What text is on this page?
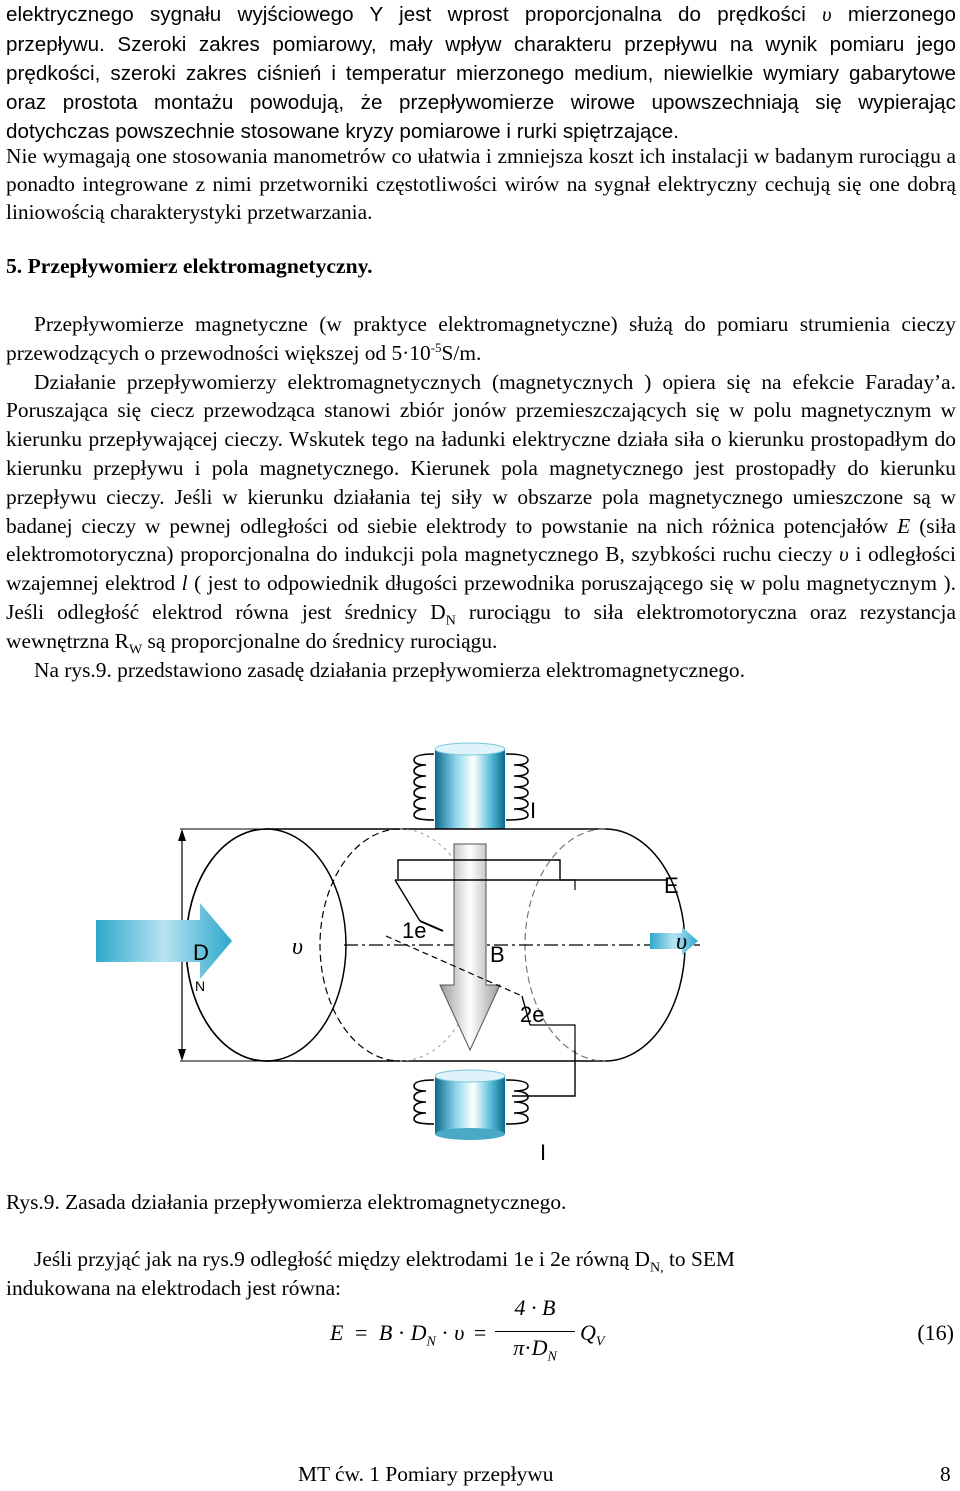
elektrycznego sygnału wyjściowego Y jest wprost proporcjonalna do prędkości υ mierzonego przepływu. Szeroki zakres pomiarowy, mały wpływ charakteru przepływu na wynik pomiaru jego prędkości, szeroki zakres ciśnień i temperatur mierzonego medium, niewielkie wymiary gabarytowe oraz prostota montażu powodują, że przepływomierze wirowe upowszechniają się wypierając dotychczas powszechnie stosowane kryzy pomiarowe i rurki spiętrzające.
Nie wymagają one stosowania manometrów co ułatwia i zmniejsza koszt ich instalacji w badanym rurociągu a ponadto integrowane z nimi przetworniki częstotliwości wirów na sygnał elektryczny cechują się one dobrą liniowością charakterystyki przetwarzania.
5. Przepływomierz elektromagnetyczny.

Przepływomierze magnetyczne (w praktyce elektromagnetyczne) służą do pomiaru strumienia cieczy przewodzących o przewodności większej od $5\cdot 10^{-5}S/m$.

Działanie przepływomierzy elektromagnetycznych (magnetycznych ) opiera się na efekcie Faraday’a. Poruszająca się ciecz przewodząca stanowi zbiór jonów przemieszczających się w polu magnetycznym w kierunku przepływającej cieczy. Wskutek tego na ładunki elektryczne działa siła o kierunku prostopadłym do kierunku przepływu i pola magnetycznego. Kierunek pola magnetycznego jest prostopadły do kierunku przepływu cieczy. Jeśli w kierunku działania tej siły w obszarze pola magnetycznego umieszczone są w badanej cieczy w pewnej odległości od siebie elektrody to powstanie na nich różnica potencjałów E (siła elektromotoryczna) proporcjonalna do indukcji pola magnetycznego B, szybkości ruchu cieczy υ i odległości wzajemnej elektrod l ( jest to odpowiednik długości przewodnika poruszającego się w polu magnetycznym ). Jeśli odległość elektrod równa jest średnicy $D_N$ rurociągu to siła elektromotoryczna oraz rezystancja wewnętrzna $R_W$ są proporcjonalne do średnicy rurociągu.

Na rys.9. przedstawiono zasadę działania przepływomierza elektromagnetycznego.

I
E
D
N
υ
1e
B	υ
2e
I
Rys.9. Zasada działania przepływomierza elektromagnetycznego.
Jeśli przyjąć jak na rys.9 odległość między elektrodami 1e i 2e równą $D_{N,}$ to SEM
indukowana na elektrodach jest równa:
$E = B \cdot D_N \cdot \upsilon$ =
4 · B
$\pi\cdot D_N$
$Q_V$	(16)
MT ćw. 1 Pomiary przepływu	8
